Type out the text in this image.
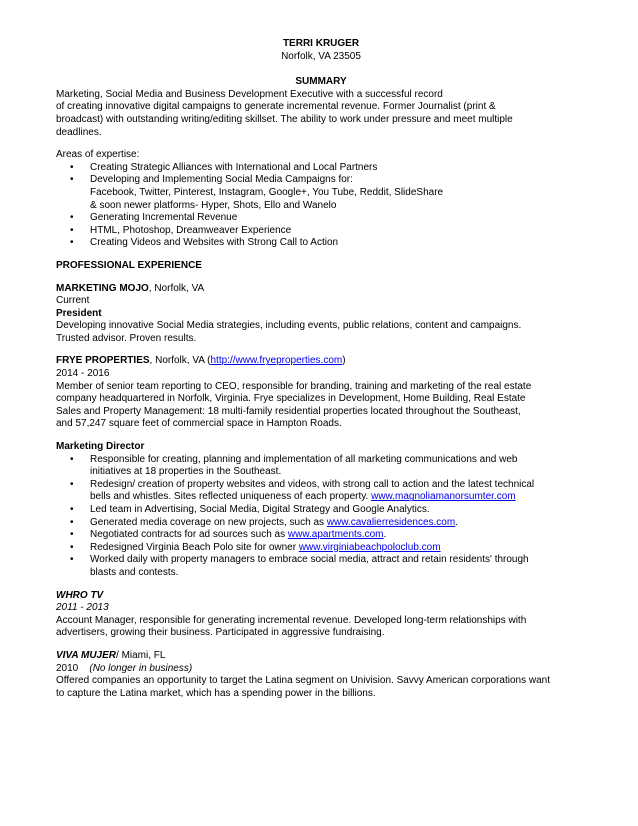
TERRI KRUGER

Norfolk, VA 23505

SUMMARY

Marketing, Social Media and Business Development Executive with a successful record
of creating innovative digital campaigns to generate incremental revenue. Former Journalist (print &
broadcast) with outstanding writing/editing skillset. The ability to work under pressure and meet multiple
deadlines.

Areas of expertise:

• Creating Strategic Alliances with International and Local Partners
• Developing and Implementing Social Media Campaigns for:
Facebook, Twitter, Pinterest, Instagram, Google+, You Tube, Reddit, SlideShare
& soon newer platforms- Hyper, Shots, Ello and Wanelo
• Generating Incremental Revenue
• HTML, Photoshop, Dreamweaver Experience
• Creating Videos and Websites with Strong Call to Action

PROFESSIONAL EXPERIENCE

MARKETING MOJO, Norfolk, VA

Current

President

Developing innovative Social Media strategies, including events, public relations, content and campaigns.
Trusted advisor. Proven results.

FRYE PROPERTIES, Norfolk, VA (http://www.fryeproperties.com)

2014 - 2016

Member of senior team reporting to CEO, responsible for branding, training and marketing of the real estate
company headquartered in Norfolk, Virginia. Frye specializes in Development, Home Building, Real Estate
Sales and Property Management: 18 multi-family residential properties located throughout the Southeast,
and 57,247 square feet of commercial space in Hampton Roads.

Marketing Director

• Responsible for creating, planning and implementation of all marketing communications and web
initiatives at 18 properties in the Southeast.
• Redesign/ creation of property websites and videos, with strong call to action and the latest technical
bells and whistles. Sites reflected uniqueness of each property. www.magnoliamanorsumter.com
• Led team in Advertising, Social Media, Digital Strategy and Google Analytics.
• Generated media coverage on new projects, such as www.cavalierresidences.com.
• Negotiated contracts for ad sources such as www.apartments.com.
• Redesigned Virginia Beach Polo site for owner www.virginiabeachpoloclub.com
• Worked daily with property managers to embrace social media, attract and retain residents' through
blasts and contests.

WHRO TV

2011 - 2013

Account Manager, responsible for generating incremental revenue. Developed long-term relationships with
advertisers, growing their business. Participated in aggressive fundraising.

VIVA MUJER/ Miami, FL

2010 (No longer in business)

Offered companies an opportunity to target the Latina segment on Univision. Savvy American corporations want
to capture the Latina market, which has a spending power in the billions.
